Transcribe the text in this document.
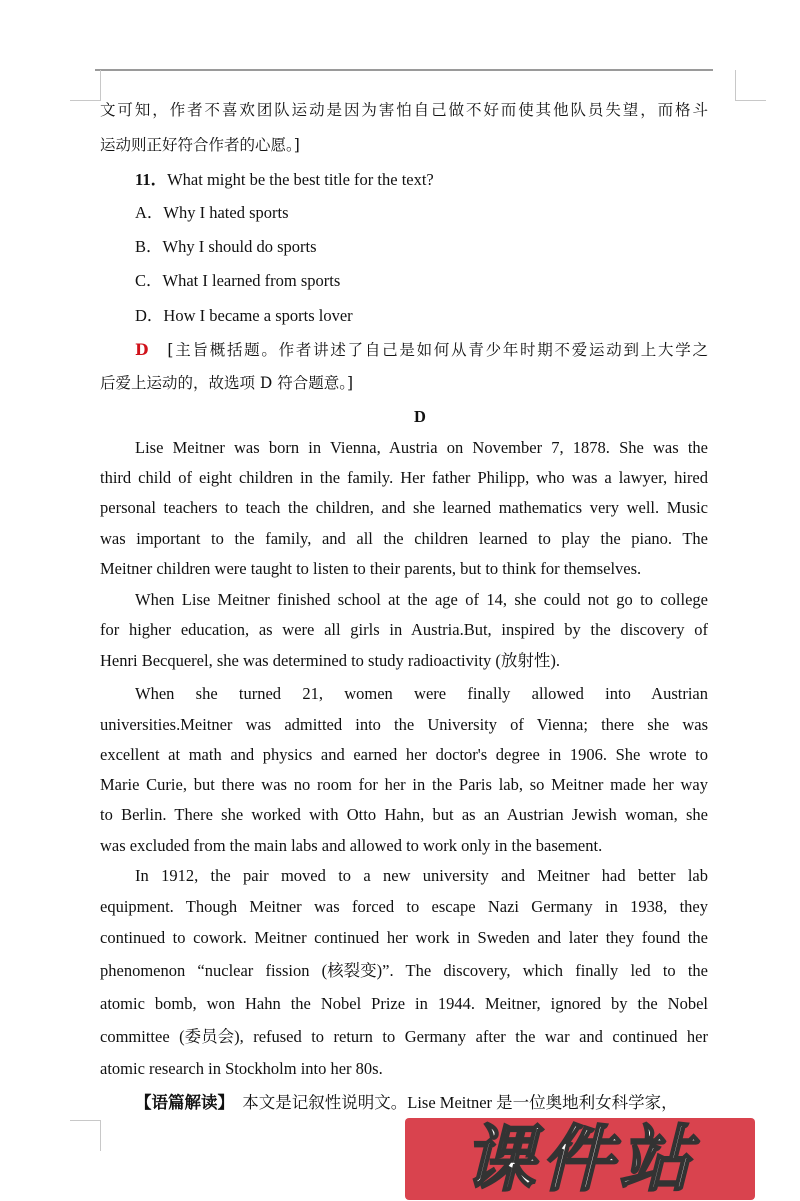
文可知，作者不喜欢团队运动是因为害怕自己做不好而使其他队员失望，而格斗
运动则正好符合作者的心愿。]
11．What might be the best title for the text?
A．Why I hated sports
B．Why I should do sports
C．What I learned from sports
D．How I became a sports lover
D　[主旨概括题。作者讲述了自己是如何从青少年时期不爱运动到上大学之
后爱上运动的，故选项 D 符合题意。]
D
Lise Meitner was born in Vienna, Austria on November 7, 1878. She was the
third child of eight children in the family. Her father Philipp, who was a lawyer, hired
personal teachers to teach the children, and she learned mathematics very well. Music
was important to the family, and all the children learned to play the piano. The
Meitner children were taught to listen to their parents, but to think for themselves.
When Lise Meitner finished school at the age of 14, she could not go to college
for higher education, as were all girls in Austria.But, inspired by the discovery of
Henri Becquerel, she was determined to study radioactivity (放射性).
When she turned 21, women were finally allowed into Austrian
universities.Meitner was admitted into the University of Vienna; there she was
excellent at math and physics and earned her doctor's degree in 1906. She wrote to
Marie Curie, but there was no room for her in the Paris lab, so Meitner made her way
to Berlin. There she worked with Otto Hahn, but as an Austrian Jewish woman, she
was excluded from the main labs and allowed to work only in the basement.
In 1912, the pair moved to a new university and Meitner had better lab
equipment. Though Meitner was forced to escape Nazi Germany in 1938, they
continued to cowork. Meitner continued her work in Sweden and later they found the
phenomenon “nuclear fission (核裂变)”. The discovery, which finally led to the
atomic bomb, won Hahn the Nobel Prize in 1944. Meitner, ignored by the Nobel
committee (委员会), refused to return to Germany after the war and continued her
atomic research in Stockholm into her 80s.
【语篇解读】　本文是记叙性说明文。Lise Meitner 是一位奥地利女科学家，
课件站
